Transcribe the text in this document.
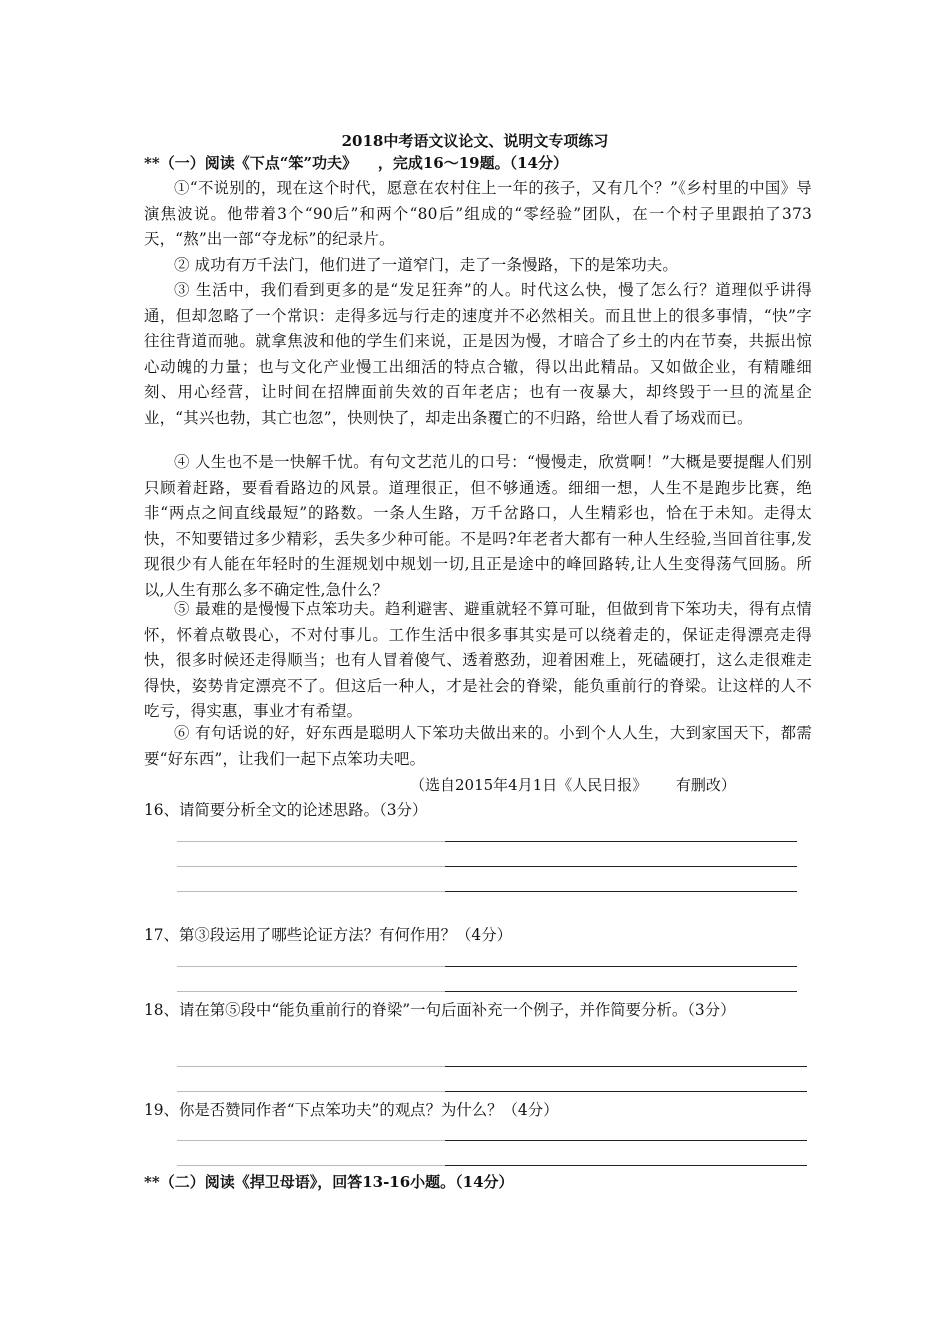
2018中考语文议论文、说明文专项练习
**（一）阅读《下点“笨”功夫》    ，完成16～19题。（14分）
①“不说别的，现在这个时代，愿意在农村住上一年的孩子，又有几个？”《乡村里的中国》导演焦波说。他带着3个“90后”和两个“80后”组成的“零经验”团队，在一个村子里跟拍了373天，“熬”出一部“夺龙标”的纪录片。
② 成功有万千法门，他们进了一道窄门，走了一条慢路，下的是笨功夫。
③ 生活中，我们看到更多的是“发足狂奔”的人。时代这么快，慢了怎么行？道理似乎讲得通，但却忽略了一个常识：走得多远与行走的速度并不必然相关。而且世上的很多事情，“快”字往往背道而驰。就拿焦波和他的学生们来说，正是因为慢，才暗合了乡土的内在节奏，共振出惊心动魄的力量；也与文化产业慢工出细活的特点合辙，得以出此精品。又如做企业，有精雕细刻、用心经营，让时间在招牌面前失效的百年老店；也有一夜暴大，却终毁于一旦的流星企业，“其兴也勃，其亡也忽”，快则快了，却走出条覆亡的不归路，给世人看了场戏而已。
④ 人生也不是一快解千忧。有句文艺范儿的口号：“慢慢走，欣赏啊！”大概是要提醒人们别只顾着赶路，要看看路边的风景。道理很正，但不够通透。细细一想，人生不是跑步比赛，绝非“两点之间直线最短”的路数。一条人生路，万千岔路口，人生精彩也，恰在于未知。走得太快，不知要错过多少精彩，丢失多少种可能。不是吗?年老者大都有一种人生经验,当回首往事,发现很少有人能在年轻时的生涯规划中规划一切,且正是途中的峰回路转,让人生变得荡气回肠。所以,人生有那么多不确定性,急什么？
⑤ 最难的是慢慢下点笨功夫。趋利避害、避重就轻不算可耻，但做到肯下笨功夫，得有点情怀，怀着点敬畏心，不对付事儿。工作生活中很多事其实是可以绕着走的，保证走得漂亮走得快，很多时候还走得顺当；也有人冒着傻气、透着憨劲，迎着困难上，死磕硬打，这么走很难走得快，姿势肯定漂亮不了。但这后一种人，才是社会的脊梁，能负重前行的脊梁。让这样的人不吃亏，得实惠，事业才有希望。
⑥ 有句话说的好，好东西是聪明人下笨功夫做出来的。小到个人人生，大到家国天下，都需要“好东西”，让我们一起下点笨功夫吧。
（选自2015年4月1日《人民日报》      有删改）
16、请简要分析全文的论述思路。（3分）
17、第③段运用了哪些论证方法？有何作用？（4分）
18、请在第⑤段中“能负重前行的脊梁”一句后面补充一个例子，并作简要分析。（3分）
19、你是否赞同作者“下点笨功夫”的观点？为什么？（4分）
**（二）阅读《捍卫母语》，回答13-16小题。（14分）
